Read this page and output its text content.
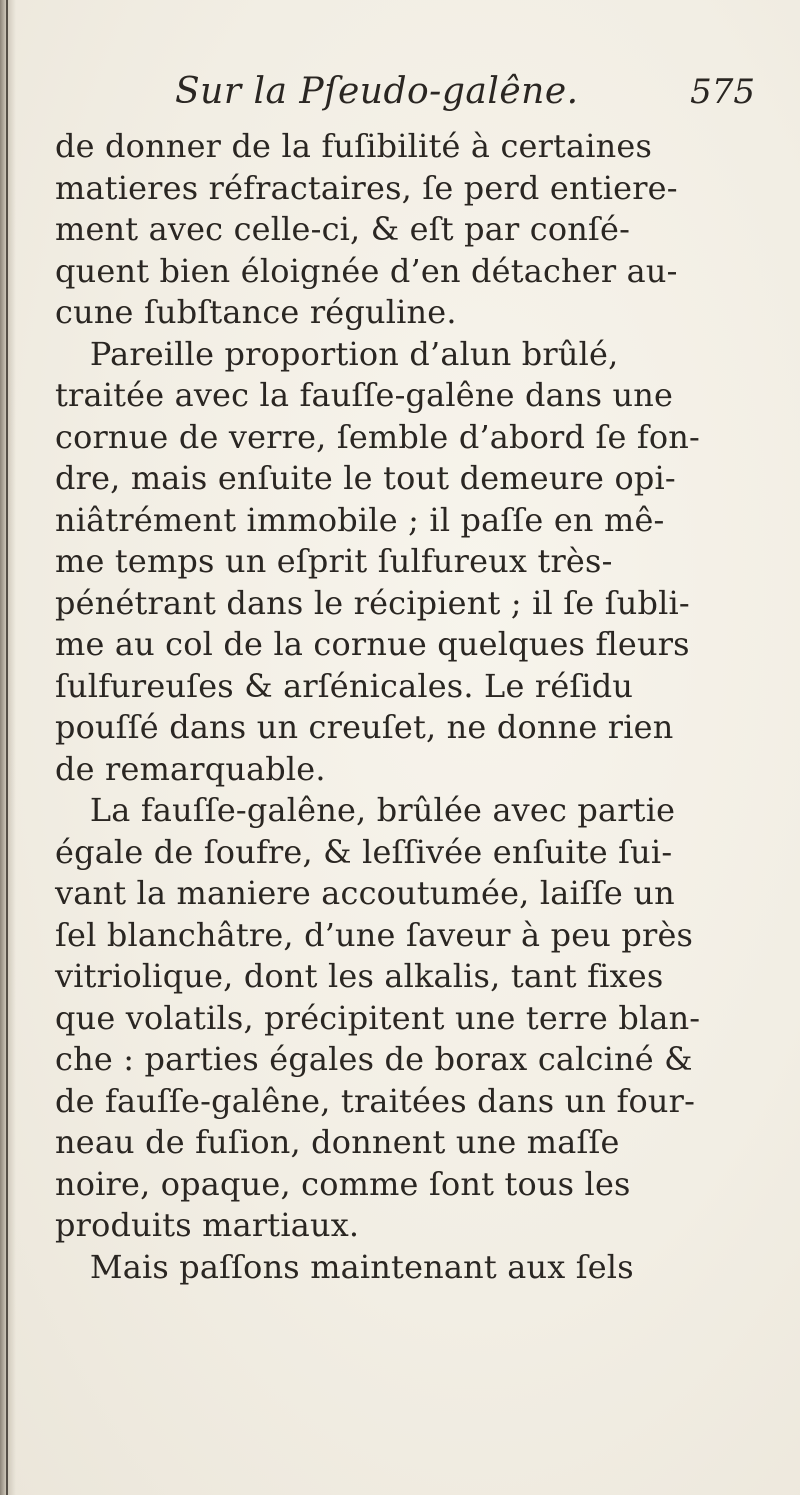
Sur la Pſeudo-galêne.	575
de donner de la fuſibilité à certaines
matieres réfractaires, ſe perd entiere-
ment avec celle-ci, & eſt par conſé-
quent bien éloignée d’en détacher au-
cune ſubſtance réguline.
Pareille proportion d’alun brûlé,
traitée avec la fauſſe-galêne dans une
cornue de verre, ſemble d’abord ſe fon-
dre, mais enſuite le tout demeure opi-
niâtrément immobile ; il paſſe en mê-
me temps un eſprit ſulfureux très-
pénétrant dans le récipient ; il ſe ſubli-
me au col de la cornue quelques fleurs
ſulfureuſes & arſénicales. Le réſidu
pouſſé dans un creuſet, ne donne rien
de remarquable.
La fauſſe-galêne, brûlée avec partie
égale de ſoufre, & leſſivée enſuite ſui-
vant la maniere accoutumée, laiſſe un
ſel blanchâtre, d’une ſaveur à peu près
vitriolique, dont les alkalis, tant fixes
que volatils, précipitent une terre blan-
che : parties égales de borax calciné &
de fauſſe-galêne, traitées dans un four-
neau de fuſion, donnent une maſſe
noire, opaque, comme ſont tous les
produits martiaux.
Mais paſſons maintenant aux ſels
